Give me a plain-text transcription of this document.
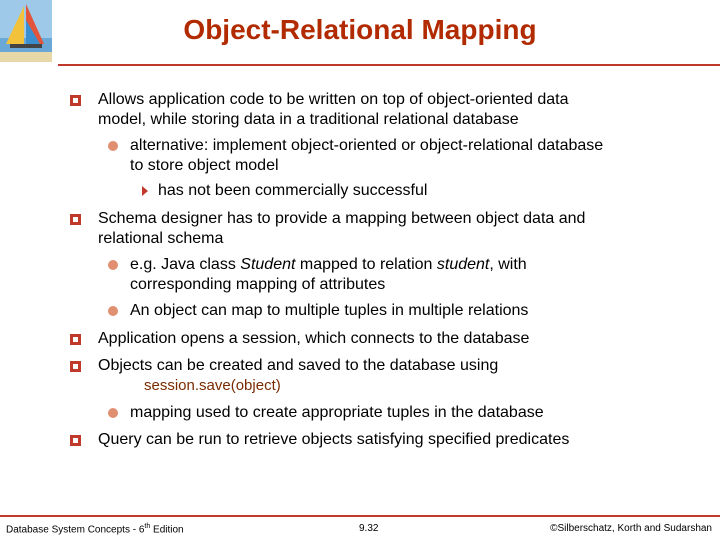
Object-Relational Mapping
Allows application code to be written on top of object-oriented data
model, while storing data in a traditional relational database
alternative: implement object-oriented or object-relational database
to store object model
has not been commercially successful
Schema designer has to provide a mapping between object data and
relational schema
e.g. Java class Student mapped to relation student, with
corresponding mapping of attributes
An object can map to multiple tuples in multiple relations
Application opens a session, which connects to the database
Objects can be created and saved to the database using
session.save(object)
mapping used to create appropriate tuples in the database
Query can be run to retrieve objects satisfying specified predicates
Database System Concepts - 6th Edition	9.32	©Silberschatz, Korth and Sudarshan
